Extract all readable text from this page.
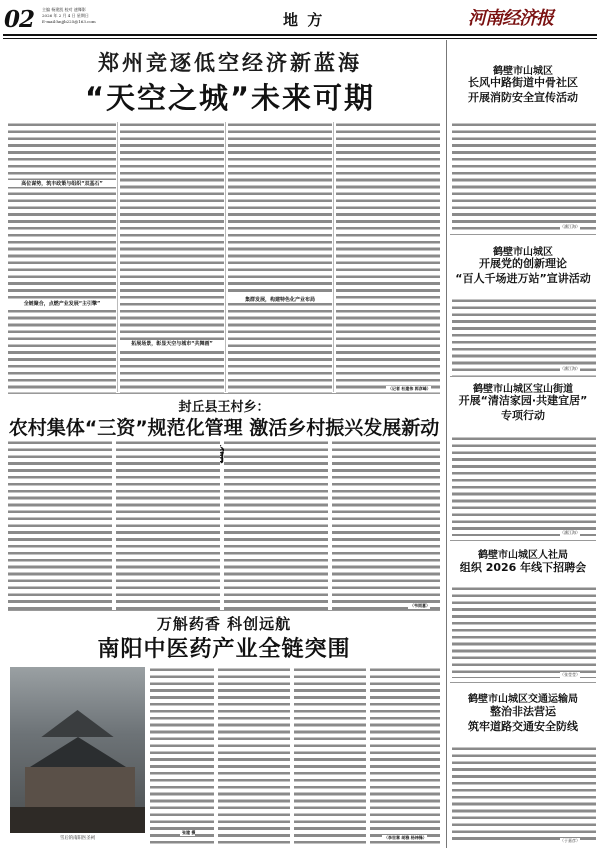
02 主编 杨建凯 校对 速舞影
2026 年 2 月 4 日 星期日
E-mail:hnjjb225@163.com	地 方	河南经济报
郑州竞逐低空经济新蓝海
“天空之城”未来可期
高位谋势，筑丰政策与组织“双基石”
全链聚合，点燃产业发展“主引擎”
集群发展，构建特色化产业布局
拓展场景，彰显天空与城市“共舞画”
（记者 杜建伟 郭彦峰）
封丘县王村乡：
农村集体“三资”规范化管理 激活乡村振兴发展新动
（韦雨喜）
万斛药香 科创远航
南阳中医药产业全链突围
雪后的南阳医圣祠
张建 摄
（李世章 胡雅 杨炜锋）
鹤壁市山城区
长风中路街道中骨社区
开展消防安全宣传活动
（潘江海）
鹤壁市山城区
开展党的创新理论
“百人千场进万站”宣讲活动
（潘江海）
鹤壁市山城区宝山街道
开展“清洁家园·共建宜居”
专项行动
（潘江海）
鹤壁市山城区人社局
组织 2026 年线下招聘会
（张莹莹）
鹤壁市山城区交通运输局
整治非法营运
筑牢道路交通安全防线
（于嘉彦）
